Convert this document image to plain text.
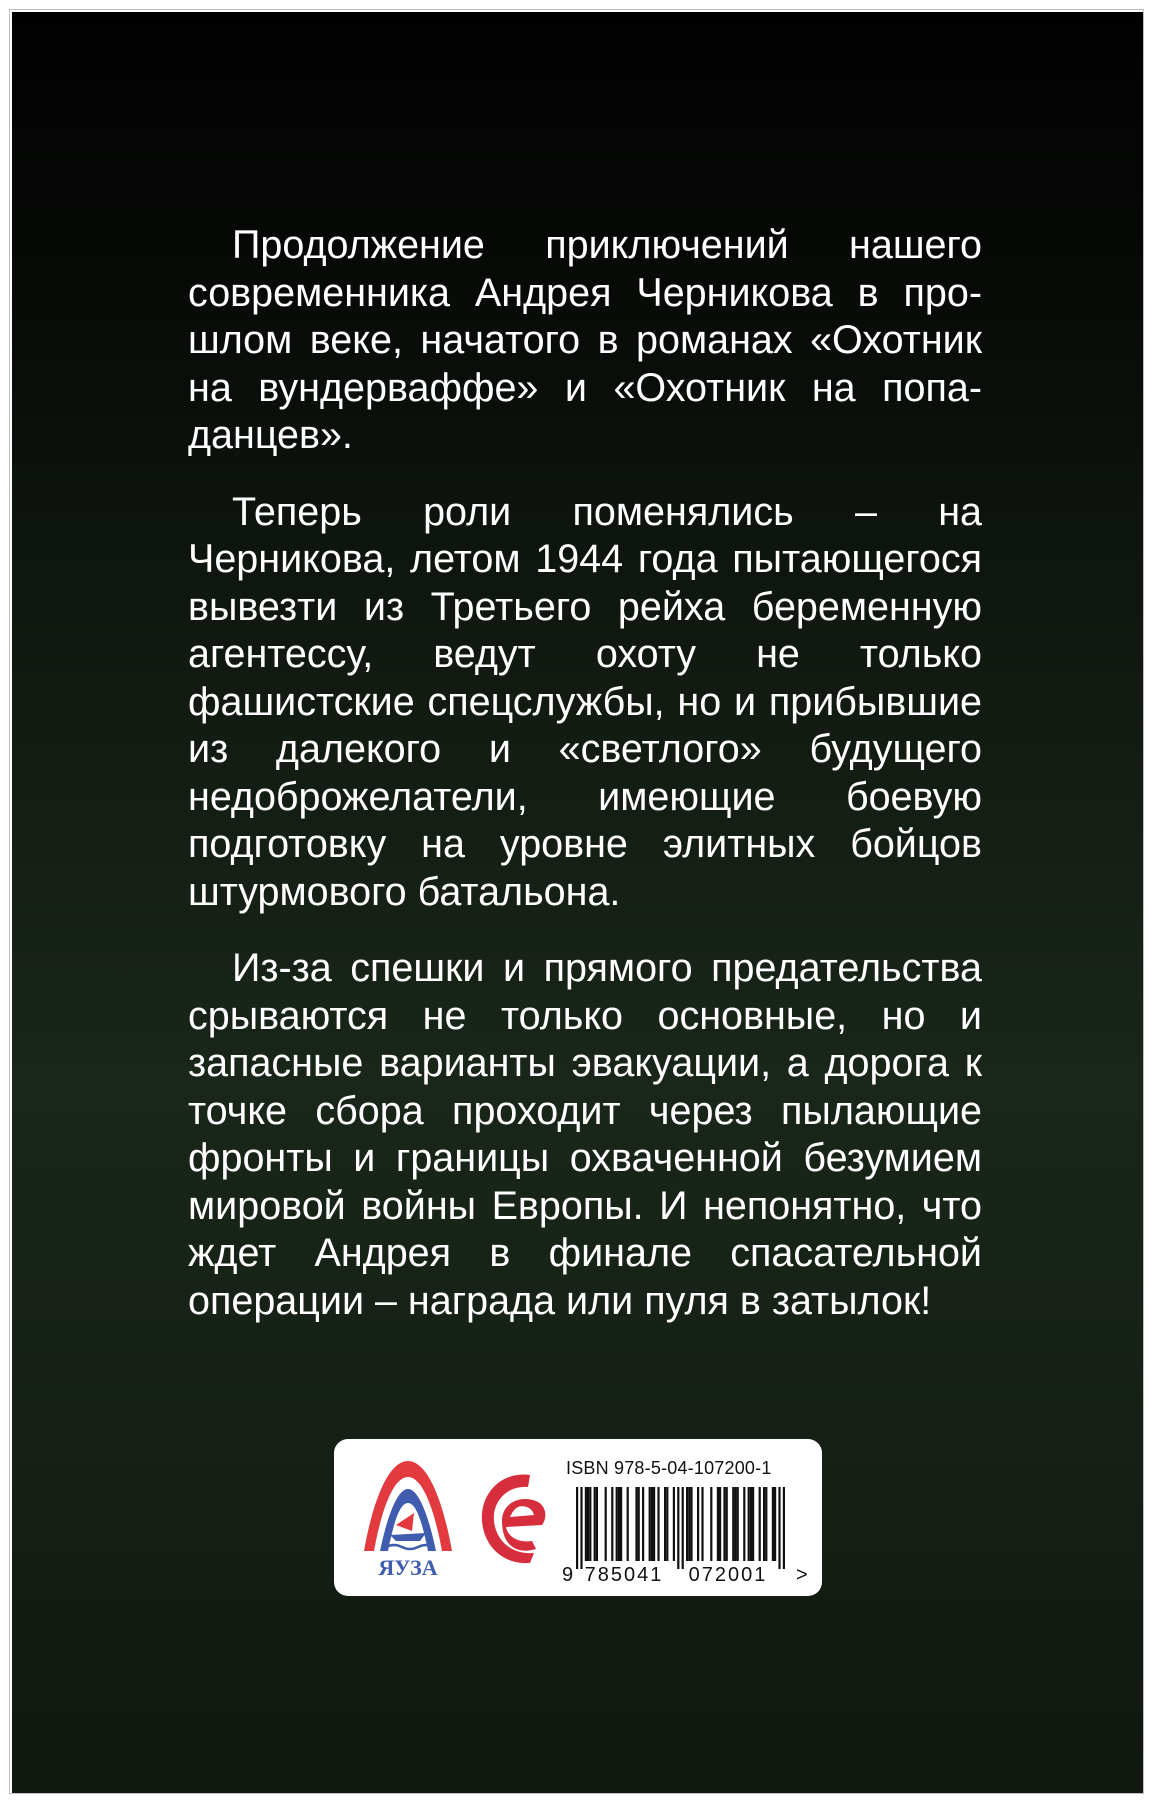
Продолжение приключений нашего современника Андрея Черникова в прошлом веке, начатого в романах «Охотник на вундерваффе» и «Охотник на попаданцев».

Теперь роли поменялись – на Черникова, летом 1944 года пытающегося вывезти из Третьего рейха беременную агентессу, ведут охоту не только фашистские спецслужбы, но и прибывшие из далекого и «светлого» будущего недоброжелатели, имеющие боевую подготовку на уровне элитных бойцов штурмового батальона.

Из-за спешки и прямого предательства срываются не только основные, но и запасные варианты эвакуации, а дорога к точке сбора проходит через пылающие фронты и границы охваченной безумием мировой войны Европы. И непонятно, что ждет Андрея в финале спасательной операции – награда или пуля в затылок!

ЯУЗА
ISBN 978-5-04-107200-1
9 785041 072001 >
